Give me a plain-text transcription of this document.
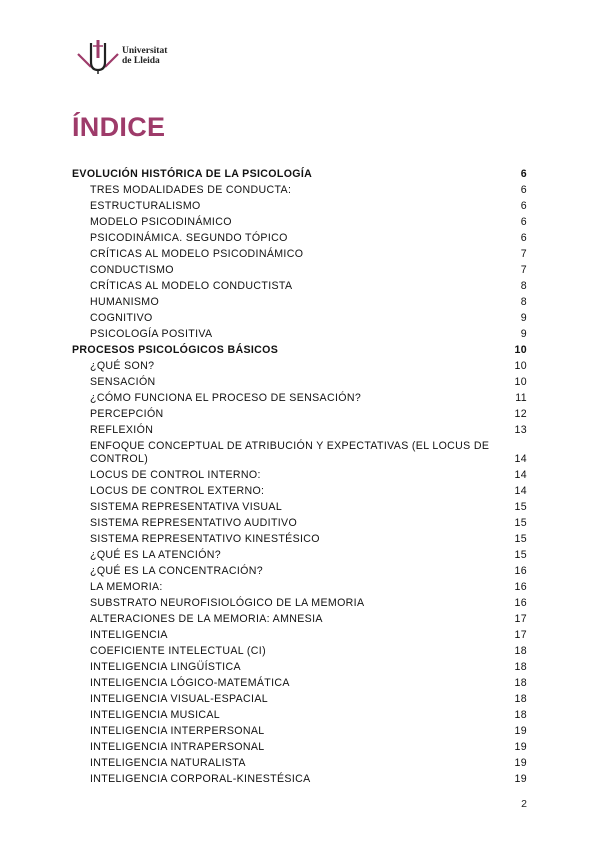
Universitat
de Lleida
ÍNDICE
EVOLUCIÓN HISTÓRICA DE LA PSICOLOGÍA	6
TRES MODALIDADES DE CONDUCTA:	6
ESTRUCTURALISMO	6
MODELO PSICODINÁMICO	6
PSICODINÁMICA. SEGUNDO TÓPICO	6
CRÍTICAS AL MODELO PSICODINÁMICO	7
CONDUCTISMO	7
CRÍTICAS AL MODELO CONDUCTISTA	8
HUMANISMO	8
COGNITIVO	9
PSICOLOGÍA POSITIVA	9
PROCESOS PSICOLÓGICOS BÁSICOS	10
¿QUÉ SON?	10
SENSACIÓN	10
¿CÓMO FUNCIONA EL PROCESO DE SENSACIÓN?	11
PERCEPCIÓN	12
REFLEXIÓN	13
ENFOQUE CONCEPTUAL DE ATRIBUCIÓN Y EXPECTATIVAS (EL LOCUS DE CONTROL)	14
LOCUS DE CONTROL INTERNO:	14
LOCUS DE CONTROL EXTERNO:	14
SISTEMA REPRESENTATIVA VISUAL	15
SISTEMA REPRESENTATIVO AUDITIVO	15
SISTEMA REPRESENTATIVO KINESTÉSICO	15
¿QUÉ ES LA ATENCIÓN?	15
¿QUÉ ES LA CONCENTRACIÓN?	16
LA MEMORIA:	16
SUBSTRATO NEUROFISIOLÓGICO DE LA MEMORIA	16
ALTERACIONES DE LA MEMORIA: AMNESIA	17
INTELIGENCIA	17
COEFICIENTE INTELECTUAL (CI)	18
INTELIGENCIA LINGÜÍSTICA	18
INTELIGENCIA LÓGICO-MATEMÁTICA	18
INTELIGENCIA VISUAL-ESPACIAL	18
INTELIGENCIA MUSICAL	18
INTELIGENCIA INTERPERSONAL	19
INTELIGENCIA INTRAPERSONAL	19
INTELIGENCIA NATURALISTA	19
INTELIGENCIA CORPORAL-KINESTÉSICA	19
2
